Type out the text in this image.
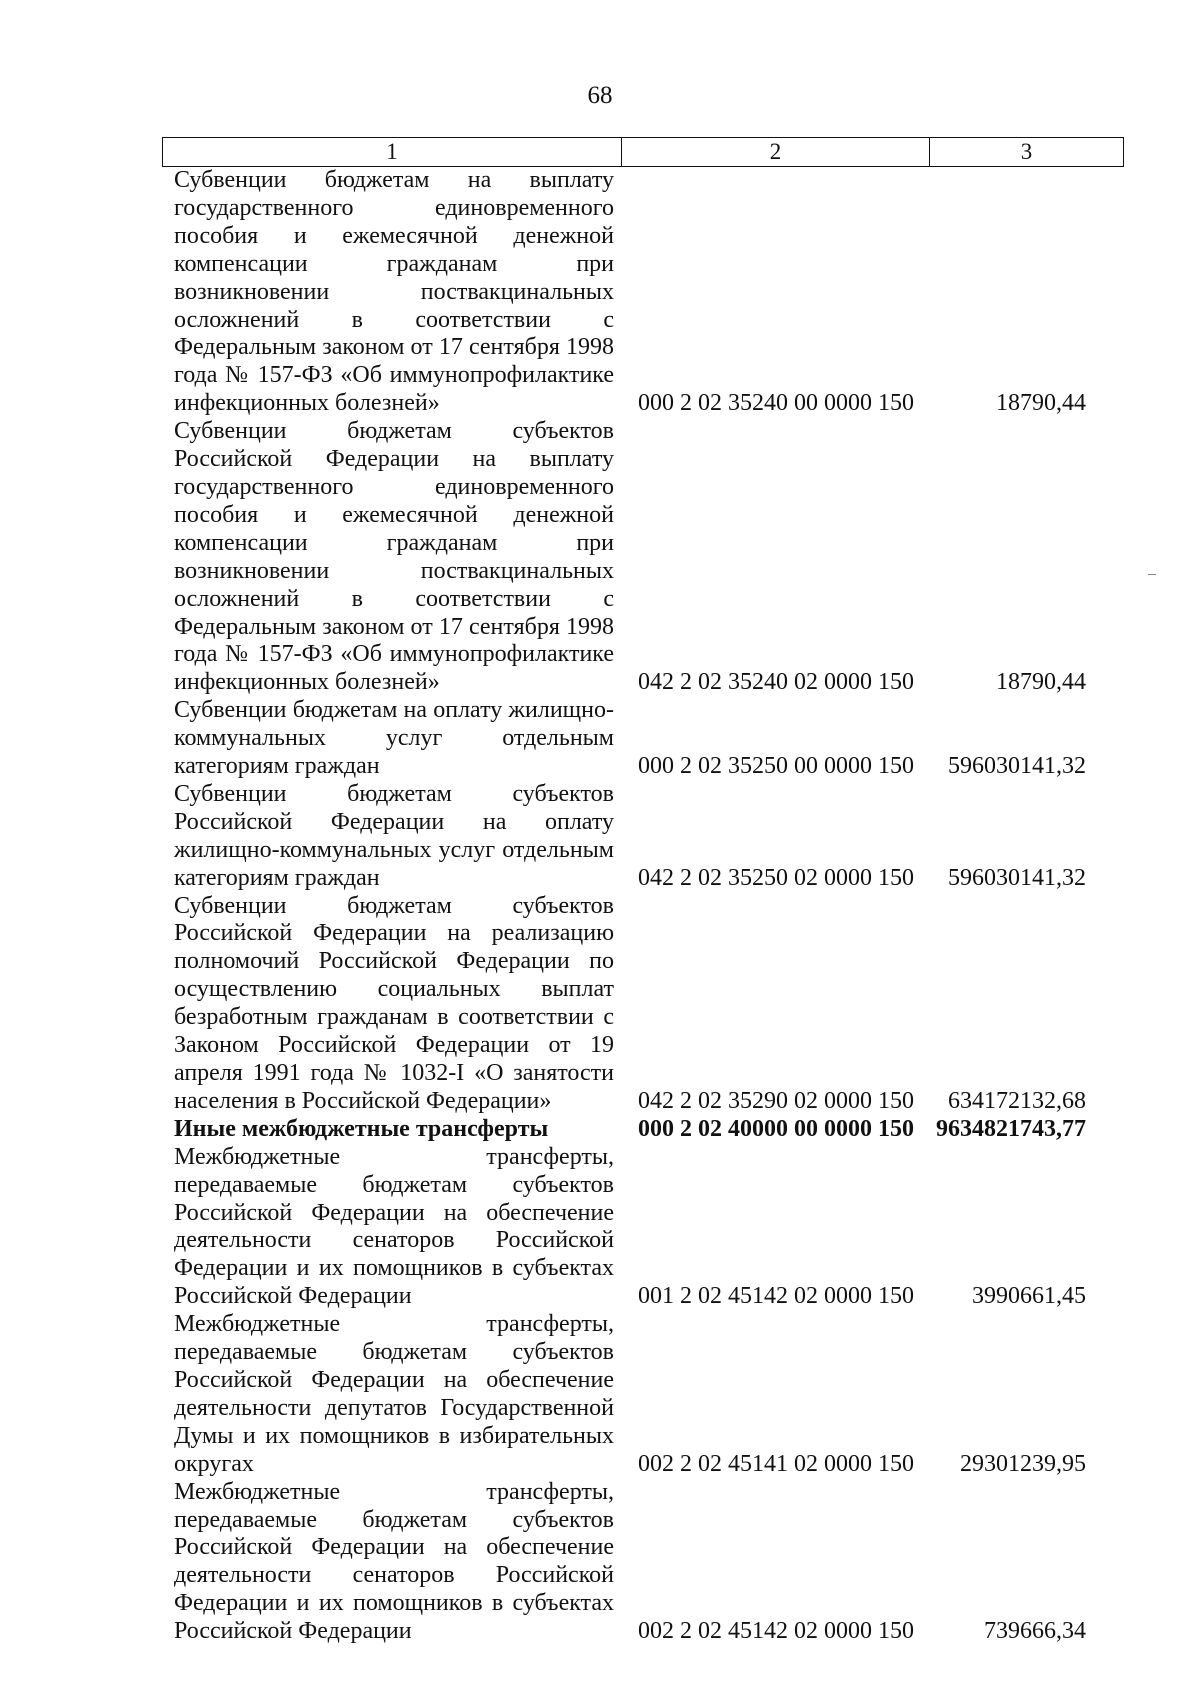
68
1	2	3
Субвенции бюджетам на выплату государственного единовременного пособия и ежемесячной денежной компенсации гражданам при возникновении поствакцинальных осложнений в соответствии с Федеральным законом от 17 сентября 1998 года № 157-ФЗ «Об иммунопрофилактике инфекционных болезней»	000 2 02 35240 00 0000 150	18790,44
Субвенции бюджетам субъектов Российской Федерации на выплату государственного единовременного пособия и ежемесячной денежной компенсации гражданам при возникновении поствакцинальных осложнений в соответствии с Федеральным законом от 17 сентября 1998 года № 157-ФЗ «Об иммунопрофилактике инфекционных болезней»	042 2 02 35240 02 0000 150	18790,44
Субвенции бюджетам на оплату жилищно-коммунальных услуг отдельным категориям граждан	000 2 02 35250 00 0000 150 596030141,32
Субвенции бюджетам субъектов Российской Федерации на оплату жилищно-коммунальных услуг отдельным категориям граждан	042 2 02 35250 02 0000 150 596030141,32
Субвенции бюджетам субъектов Российской Федерации на реализацию полномочий Российской Федерации по осуществлению социальных выплат безработным гражданам в соответствии с Законом Российской Федерации от 19 апреля 1991 года № 1032-I «О занятости населения в Российской Федерации»	042 2 02 35290 02 0000 150 634172132,68
Иные межбюджетные трансферты	000 2 02 40000 00 0000 150 9634821743,77
Межбюджетные трансферты, передаваемые бюджетам субъектов Российской Федерации на обеспечение деятельности сенаторов Российской Федерации и их помощников в субъектах Российской Федерации	001 2 02 45142 02 0000 150 3990661,45
Межбюджетные трансферты, передаваемые бюджетам субъектов Российской Федерации на обеспечение деятельности депутатов Государственной Думы и их помощников в избирательных округах	002 2 02 45141 02 0000 150 29301239,95
Межбюджетные трансферты, передаваемые бюджетам субъектов Российской Федерации на обеспечение деятельности сенаторов Российской Федерации и их помощников в субъектах Российской Федерации	002 2 02 45142 02 0000 150	739666,34
